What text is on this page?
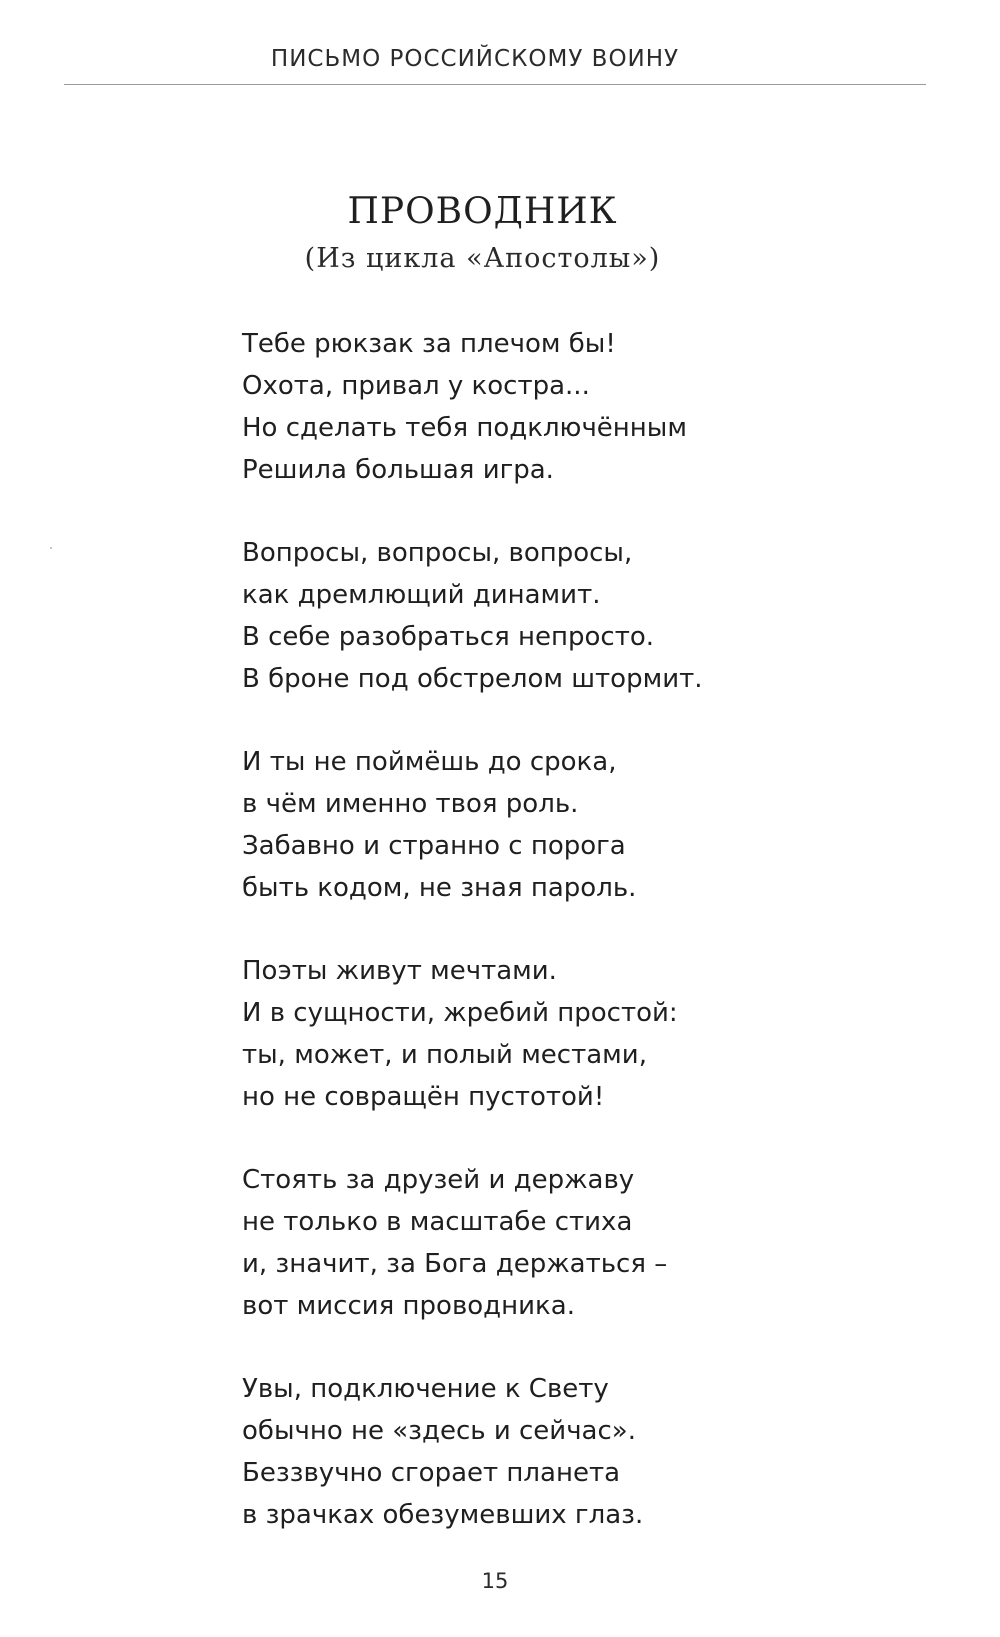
ПИСЬМО РОССИЙСКОМУ ВОИНУ
ПРОВОДНИК
(Из цикла «Апостолы»)
Тебе рюкзак за плечом бы!
Охота, привал у костра...
Но сделать тебя подключённым
Решила большая игра.
Вопросы, вопросы, вопросы,
как дремлющий динамит.
В себе разобраться непросто.
В броне под обстрелом штормит.
И ты не поймёшь до срока,
в чём именно твоя роль.
Забавно и странно с порога
быть кодом, не зная пароль.
Поэты живут мечтами.
И в сущности, жребий простой:
ты, может, и полый местами,
но не совращён пустотой!
Стоять за друзей и державу
не только в масштабе стиха
и, значит, за Бога держаться –
вот миссия проводника.
Увы, подключение к Свету
обычно не «здесь и сейчас».
Беззвучно сгорает планета
в зрачках обезумевших глаз.
15
